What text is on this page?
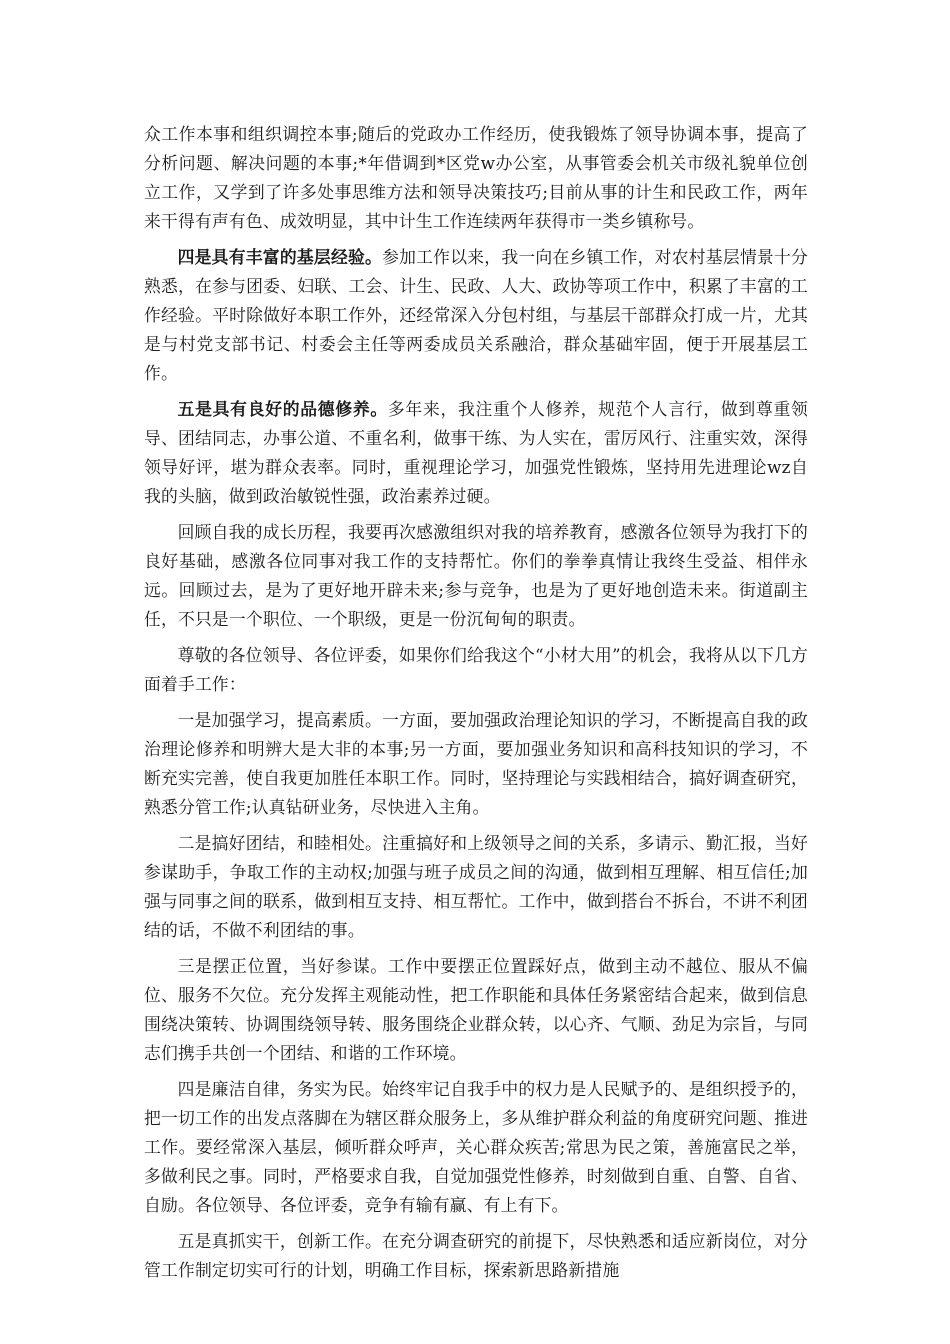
众工作本事和组织调控本事;随后的党政办工作经历，使我锻炼了领导协调本事，提高了分析问题、解决问题的本事;*年借调到*区党w办公室，从事管委会机关市级礼貌单位创立工作，又学到了许多处事思维方法和领导决策技巧;目前从事的计生和民政工作，两年来干得有声有色、成效明显，其中计生工作连续两年获得市一类乡镇称号。

四是具有丰富的基层经验。参加工作以来，我一向在乡镇工作，对农村基层情景十分熟悉，在参与团委、妇联、工会、计生、民政、人大、政协等项工作中，积累了丰富的工作经验。平时除做好本职工作外，还经常深入分包村组，与基层干部群众打成一片，尤其是与村党支部书记、村委会主任等两委成员关系融洽，群众基础牢固，便于开展基层工作。

五是具有良好的品德修养。多年来，我注重个人修养，规范个人言行，做到尊重领导、团结同志，办事公道、不重名利，做事干练、为人实在，雷厉风行、注重实效，深得领导好评，堪为群众表率。同时，重视理论学习，加强党性锻炼，坚持用先进理论wz自我的头脑，做到政治敏锐性强，政治素养过硬。

回顾自我的成长历程，我要再次感激组织对我的培养教育，感激各位领导为我打下的良好基础，感激各位同事对我工作的支持帮忙。你们的拳拳真情让我终生受益、相伴永远。回顾过去，是为了更好地开辟未来;参与竞争，也是为了更好地创造未来。街道副主任，不只是一个职位、一个职级，更是一份沉甸甸的职责。

尊敬的各位领导、各位评委，如果你们给我这个“小材大用”的机会，我将从以下几方面着手工作：

一是加强学习，提高素质。一方面，要加强政治理论知识的学习，不断提高自我的政治理论修养和明辨大是大非的本事;另一方面，要加强业务知识和高科技知识的学习，不断充实完善，使自我更加胜任本职工作。同时，坚持理论与实践相结合，搞好调查研究，熟悉分管工作;认真钻研业务，尽快进入主角。

二是搞好团结，和睦相处。注重搞好和上级领导之间的关系，多请示、勤汇报，当好参谋助手，争取工作的主动权;加强与班子成员之间的沟通，做到相互理解、相互信任;加强与同事之间的联系，做到相互支持、相互帮忙。工作中，做到搭台不拆台，不讲不利团结的话，不做不利团结的事。

三是摆正位置，当好参谋。工作中要摆正位置踩好点，做到主动不越位、服从不偏位、服务不欠位。充分发挥主观能动性，把工作职能和具体任务紧密结合起来，做到信息围绕决策转、协调围绕领导转、服务围绕企业群众转，以心齐、气顺、劲足为宗旨，与同志们携手共创一个团结、和谐的工作环境。

四是廉洁自律，务实为民。始终牢记自我手中的权力是人民赋予的、是组织授予的，把一切工作的出发点落脚在为辖区群众服务上，多从维护群众利益的角度研究问题、推进工作。要经常深入基层，倾听群众呼声，关心群众疾苦;常思为民之策，善施富民之举，多做利民之事。同时，严格要求自我，自觉加强党性修养，时刻做到自重、自警、自省、自励。各位领导、各位评委，竞争有输有赢、有上有下。

五是真抓实干，创新工作。在充分调查研究的前提下，尽快熟悉和适应新岗位，对分管工作制定切实可行的计划，明确工作目标，探索新思路新措施
